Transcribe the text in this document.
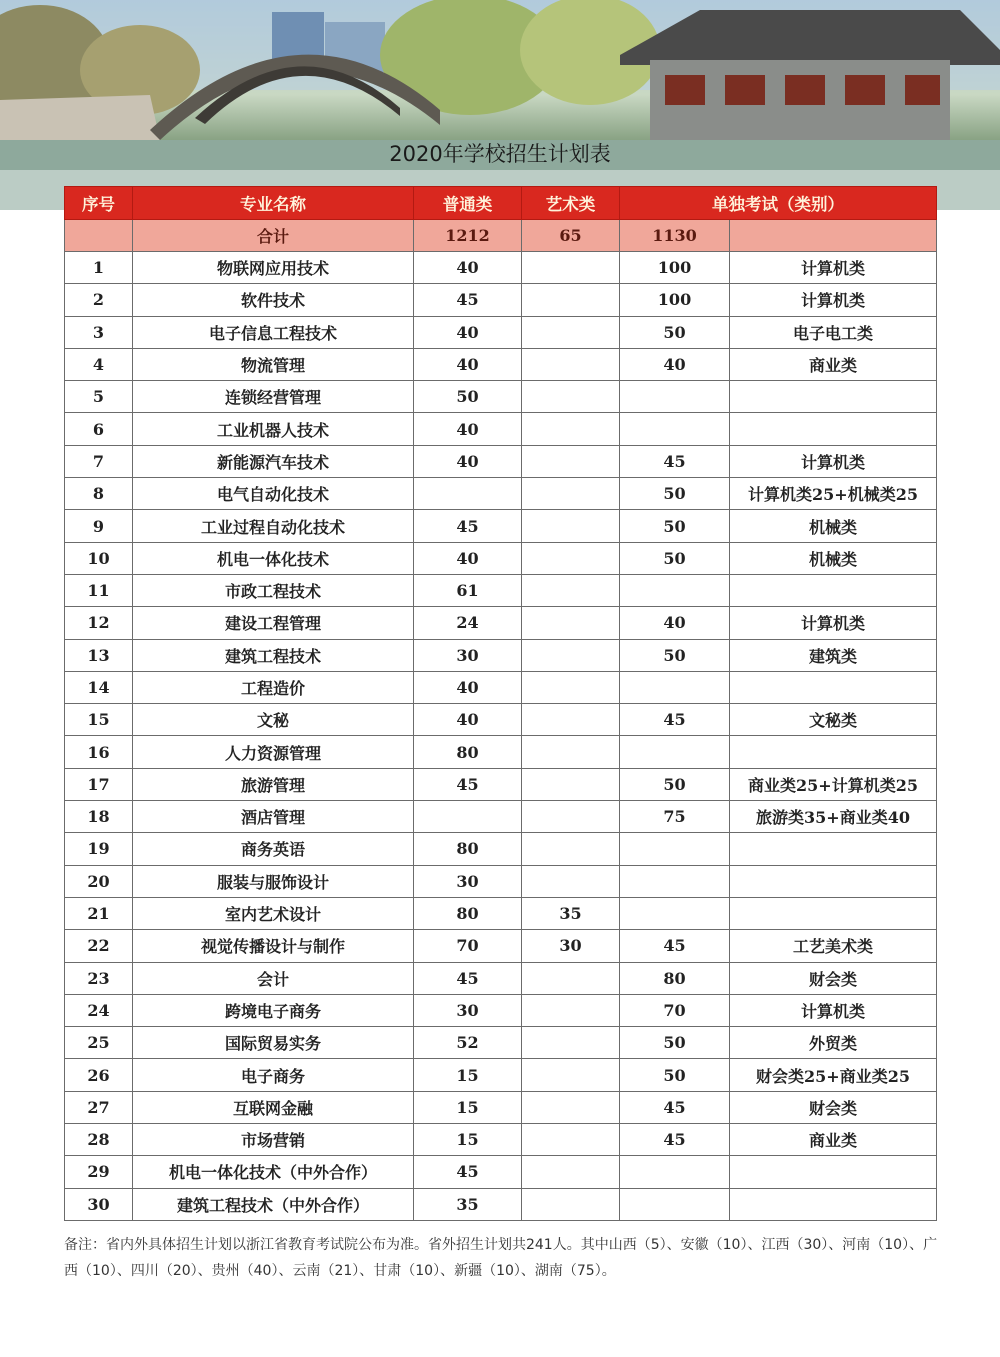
2020年学校招生计划表
序号	专业名称	普通类	艺术类	单独考试（类别）	
	合计	1212	65	1130	
1	物联网应用技术	40		100	计算机类
2	软件技术	45		100	计算机类
3	电子信息工程技术	40		50	电子电工类
4	物流管理	40		40	商业类
5	连锁经营管理	50			
6	工业机器人技术	40			
7	新能源汽车技术	40		45	计算机类
8	电气自动化技术			50	计算机类25+机械类25
9	工业过程自动化技术	45		50	机械类
10	机电一体化技术	40		50	机械类
11	市政工程技术	61			
12	建设工程管理	24		40	计算机类
13	建筑工程技术	30		50	建筑类
14	工程造价	40			
15	文秘	40		45	文秘类
16	人力资源管理	80			
17	旅游管理	45		50	商业类25+计算机类25
18	酒店管理			75	旅游类35+商业类40
19	商务英语	80			
20	服装与服饰设计	30			
21	室内艺术设计	80	35		
22	视觉传播设计与制作	70	30	45	工艺美术类
23	会计	45		80	财会类
24	跨境电子商务	30		70	计算机类
25	国际贸易实务	52		50	外贸类
26	电子商务	15		50	财会类25+商业类25
27	互联网金融	15		45	财会类
28	市场营销	15		45	商业类
29	机电一体化技术（中外合作）	45			
30	建筑工程技术（中外合作）	35			
备注：省内外具体招生计划以浙江省教育考试院公布为准。省外招生计划共241人。其中山西（5）、安徽（10）、江西（30）、河南（10）、广西（10）、四川（20）、贵州（40）、云南（21）、甘肃（10）、新疆（10）、湖南（75）。
